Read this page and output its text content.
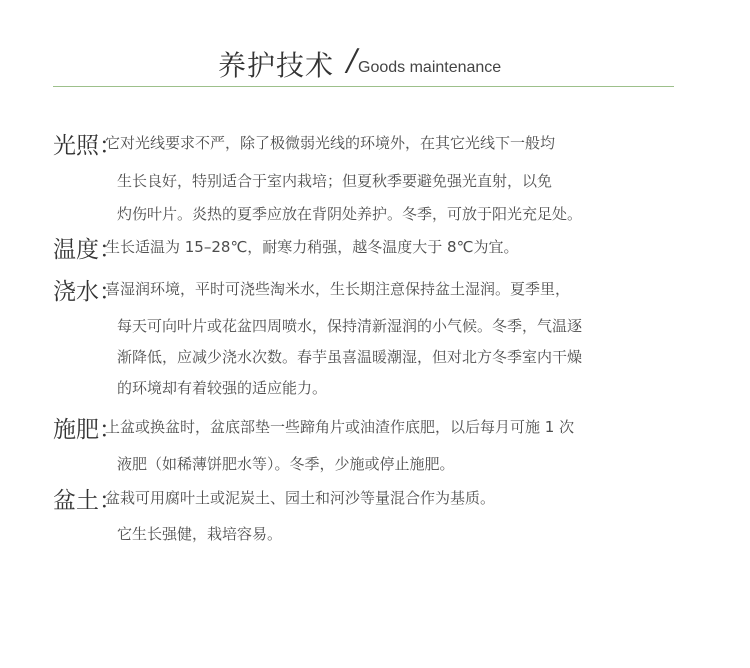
养护技术 / Goods maintenance
光照：
它对光线要求不严，除了极微弱光线的环境外，在其它光线下一般均
生长良好，特别适合于室内栽培；但夏秋季要避免强光直射，以免
灼伤叶片。炎热的夏季应放在背阴处养护。冬季，可放于阳光充足处。
温度：
生长适温为 15–28℃，耐寒力稍强，越冬温度大于 8℃为宜。
浇水：
喜湿润环境，平时可浇些淘米水，生长期注意保持盆土湿润。夏季里，
每天可向叶片或花盆四周喷水，保持清新湿润的小气候。冬季，气温逐
渐降低，应减少浇水次数。春芋虽喜温暖潮湿，但对北方冬季室内干燥
的环境却有着较强的适应能力。
施肥：
上盆或换盆时，盆底部垫一些蹄角片或油渣作底肥，以后每月可施 1 次
液肥（如稀薄饼肥水等）。冬季，少施或停止施肥。
盆土：
盆栽可用腐叶土或泥炭土、园土和河沙等量混合作为基质。
它生长强健，栽培容易。
